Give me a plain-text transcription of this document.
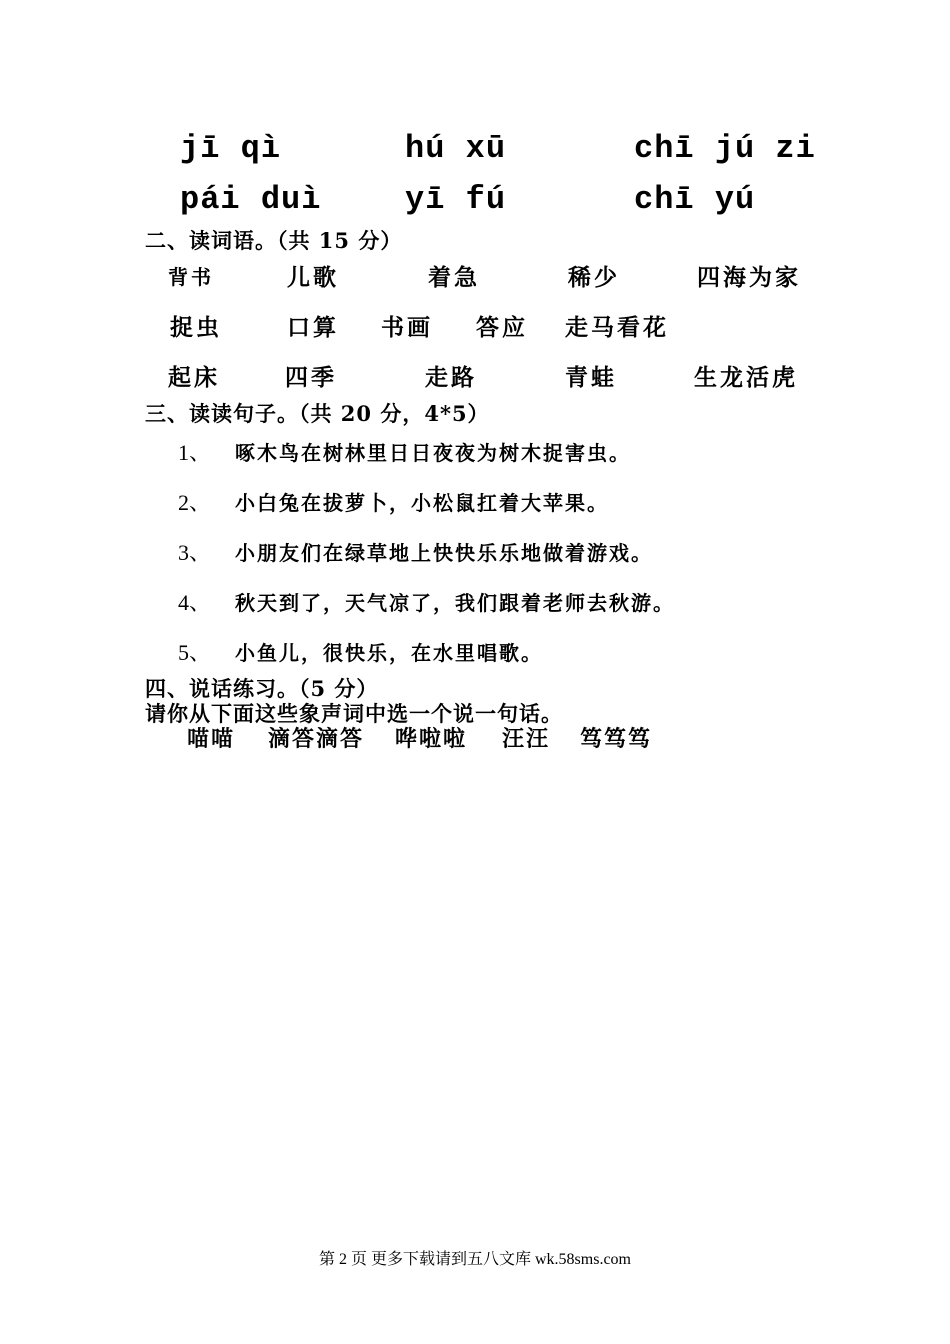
jī qì	hú xū	chī jú zi
pái duì	yī fú	chī yú
二、读词语。（共 15 分）
背书	儿歌	着急	稀少	四海为家
捉虫	口算 书画 答应 走马看花
起床	四季	走路	青蛙	生龙活虎
三、读读句子。（共 20 分，4*5）
1、 啄木鸟在树林里日日夜夜为树木捉害虫。
2、 小白兔在拔萝卜，小松鼠扛着大苹果。
3、 小朋友们在绿草地上快快乐乐地做着游戏。
4、 秋天到了，天气凉了，我们跟着老师去秋游。
5、 小鱼儿，很快乐，在水里唱歌。
四、说话练习。（5 分）
请你从下面这些象声词中选一个说一句话。
喵喵 滴答滴答 哗啦啦 汪汪 笃笃笃
第 2 页 更多下载请到五八文库 wk.58sms.com
